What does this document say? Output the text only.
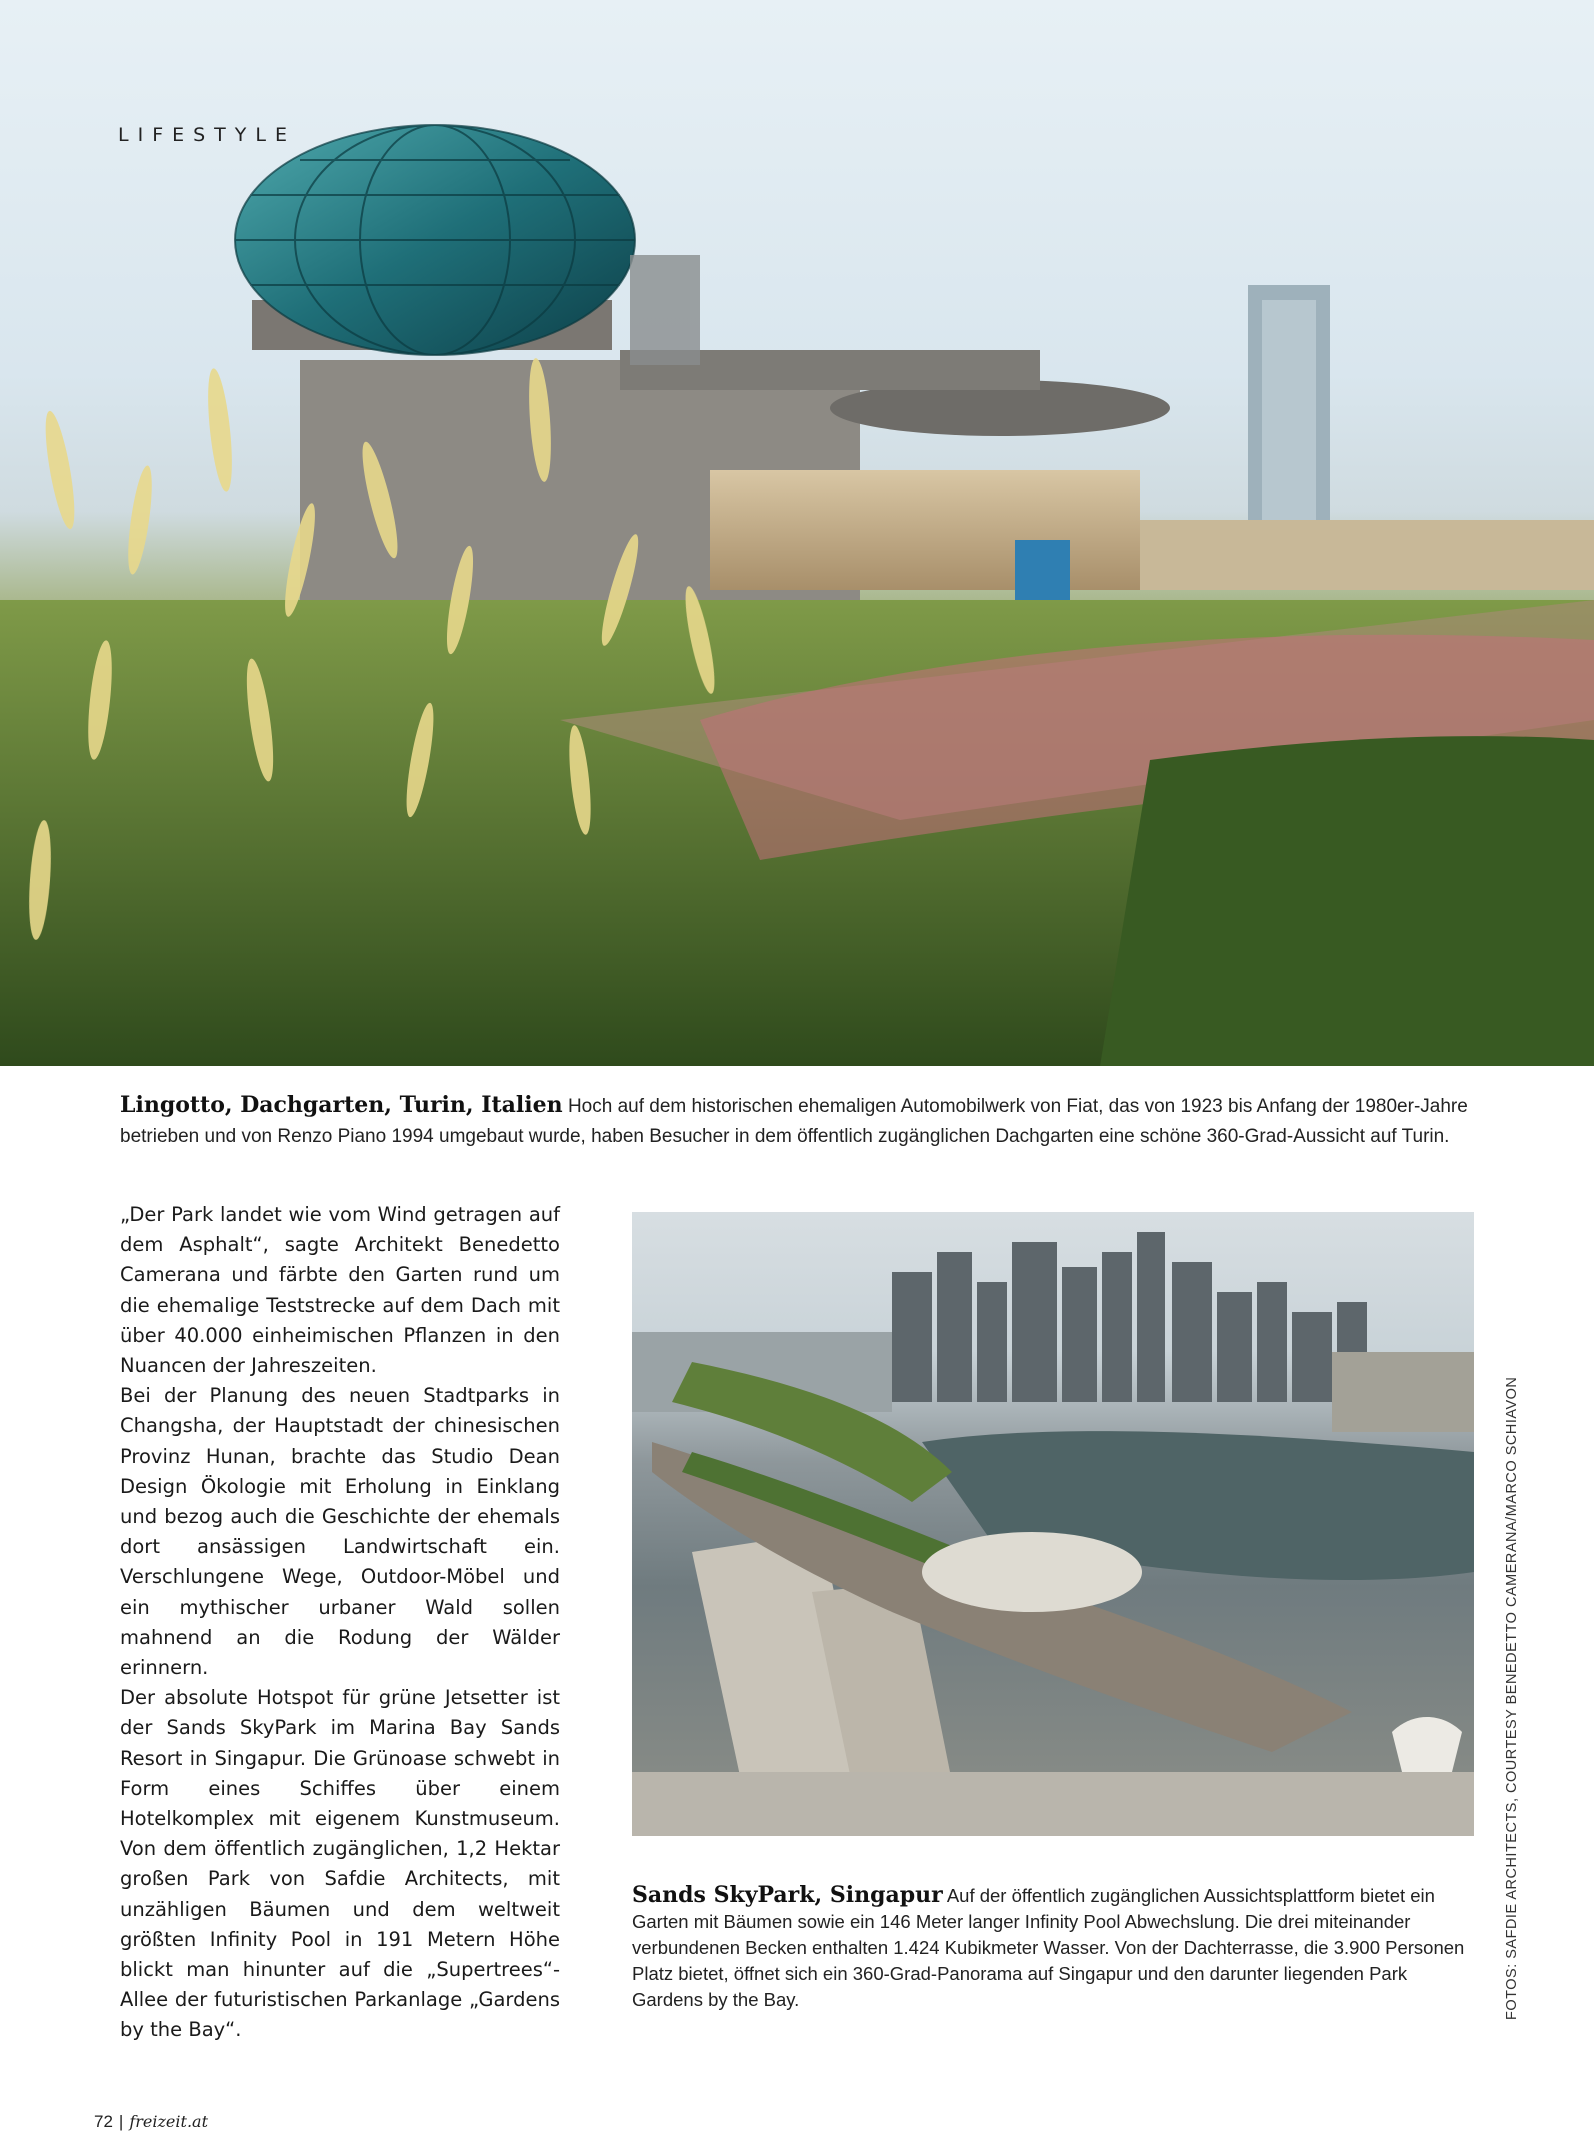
LIFESTYLE
Lingotto, Dachgarten, Turin, Italien Hoch auf dem historischen ehemaligen Automobilwerk von Fiat, das von 1923 bis Anfang der 1980er-Jahre betrieben und von Renzo Piano 1994 umgebaut wurde, haben Besucher in dem öffentlich zugänglichen Dachgarten eine schöne 360-Grad-Aussicht auf Turin.

„Der Park landet wie vom Wind getragen auf dem Asphalt“, sagte Architekt Benedetto Camerana und färbte den Garten rund um die ehemalige Teststrecke auf dem Dach mit über 40.000 einheimischen Pflanzen in den Nuancen der Jahreszeiten.

Bei der Planung des neuen Stadtparks in Changsha, der Hauptstadt der chinesischen Provinz Hunan, brachte das Studio Dean Design Ökologie mit Erholung in Einklang und bezog auch die Geschichte der ehemals dort ansässigen Landwirtschaft ein. Verschlungene Wege, Outdoor-Möbel und ein mythischer urbaner Wald sollen mahnend an die Rodung der Wälder erinnern.

Der absolute Hotspot für grüne Jetsetter ist der Sands SkyPark im Marina Bay Sands Resort in Singapur. Die Grünoase schwebt in Form eines Schiffes über einem Hotelkomplex mit eigenem Kunstmuseum. Von dem öffentlich zugänglichen, 1,2 Hektar großen Park von Safdie Architects, mit unzähligen Bäumen und dem weltweit größten Infinity Pool in 191 Metern Höhe blickt man hinunter auf die „Supertrees“-Allee der futuristischen Parkanlage „Gardens by the Bay“.

Sands SkyPark, Singapur Auf der öffentlich zugänglichen Aussichtsplattform bietet ein Garten mit Bäumen sowie ein 146 Meter langer Infinity Pool Abwechslung. Die drei miteinander verbundenen Becken enthalten 1.424 Kubikmeter Wasser. Von der Dachterrasse, die 3.900 Personen Platz bietet, öffnet sich ein 360-Grad-Panorama auf Singapur und den darunter liegenden Park Gardens by the Bay.	FOTOS: SAFDIE ARCHITECTS, COURTESY BENEDETTO CAMERANA/MARCO SCHIAVON
72 | freizeit.at
